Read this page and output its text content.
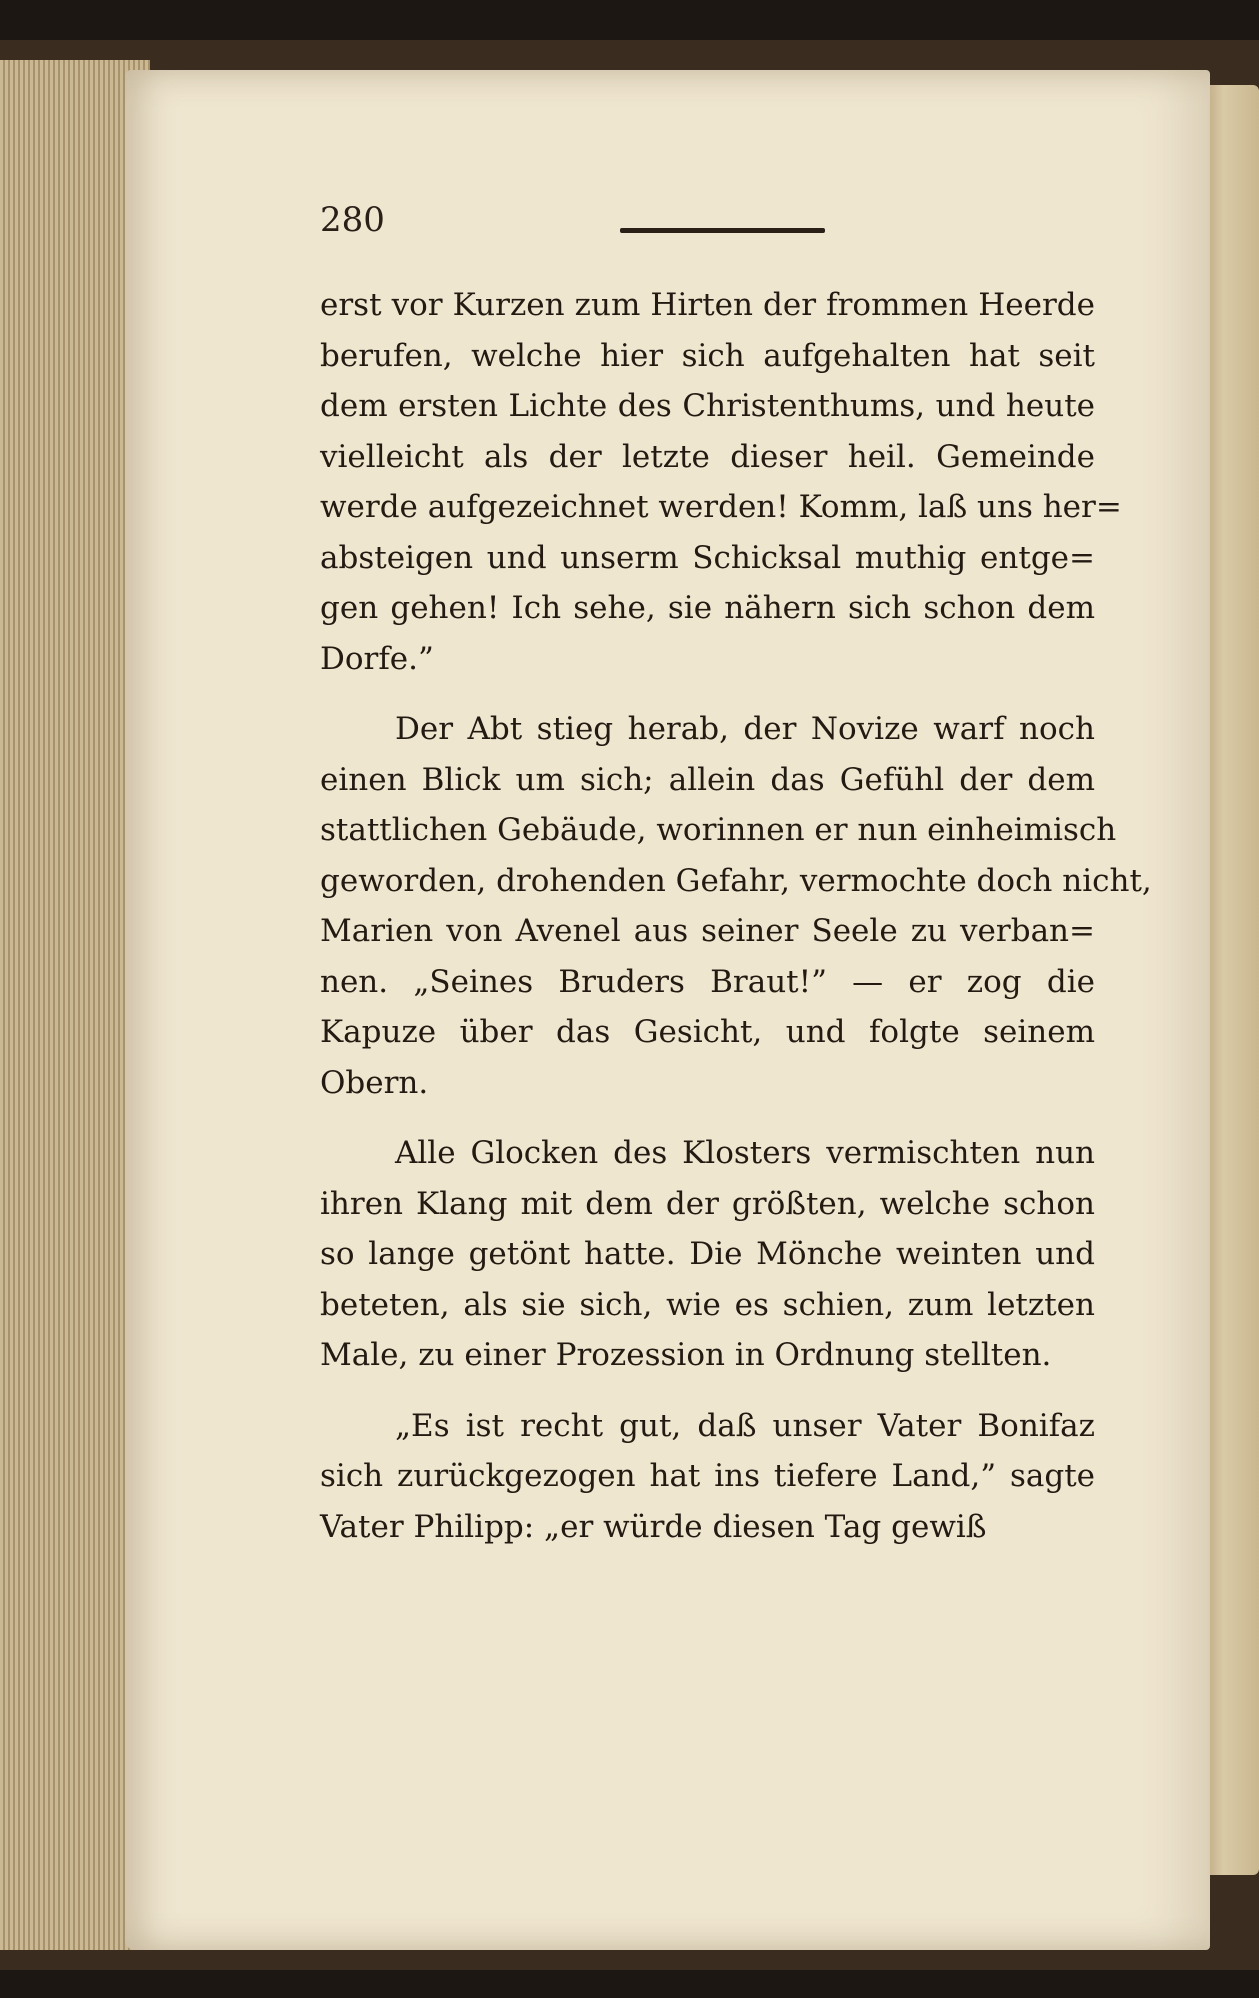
280
erst vor Kurzen zum Hirten der frommen Heerde
berufen, welche hier sich aufgehalten hat seit
dem ersten Lichte des Christenthums, und heute
vielleicht als der letzte dieser heil. Gemeinde
werde aufgezeichnet werden! Komm, laß uns her=
absteigen und unserm Schicksal muthig entge=
gen gehen! Ich sehe, sie nähern sich schon dem
Dorfe.”
Der Abt stieg herab, der Novize warf noch
einen Blick um sich; allein das Gefühl der dem
stattlichen Gebäude, worinnen er nun einheimisch
geworden, drohenden Gefahr, vermochte doch nicht,
Marien von Avenel aus seiner Seele zu verban=
nen. „Seines Bruders Braut!” — er zog die
Kapuze über das Gesicht, und folgte seinem
Obern.
Alle Glocken des Klosters vermischten nun
ihren Klang mit dem der größten, welche schon
so lange getönt hatte. Die Mönche weinten und
beteten, als sie sich, wie es schien, zum letzten
Male, zu einer Prozession in Ordnung stellten.
„Es ist recht gut, daß unser Vater Bonifaz
sich zurückgezogen hat ins tiefere Land,” sagte
Vater Philipp: „er würde diesen Tag gewiß
